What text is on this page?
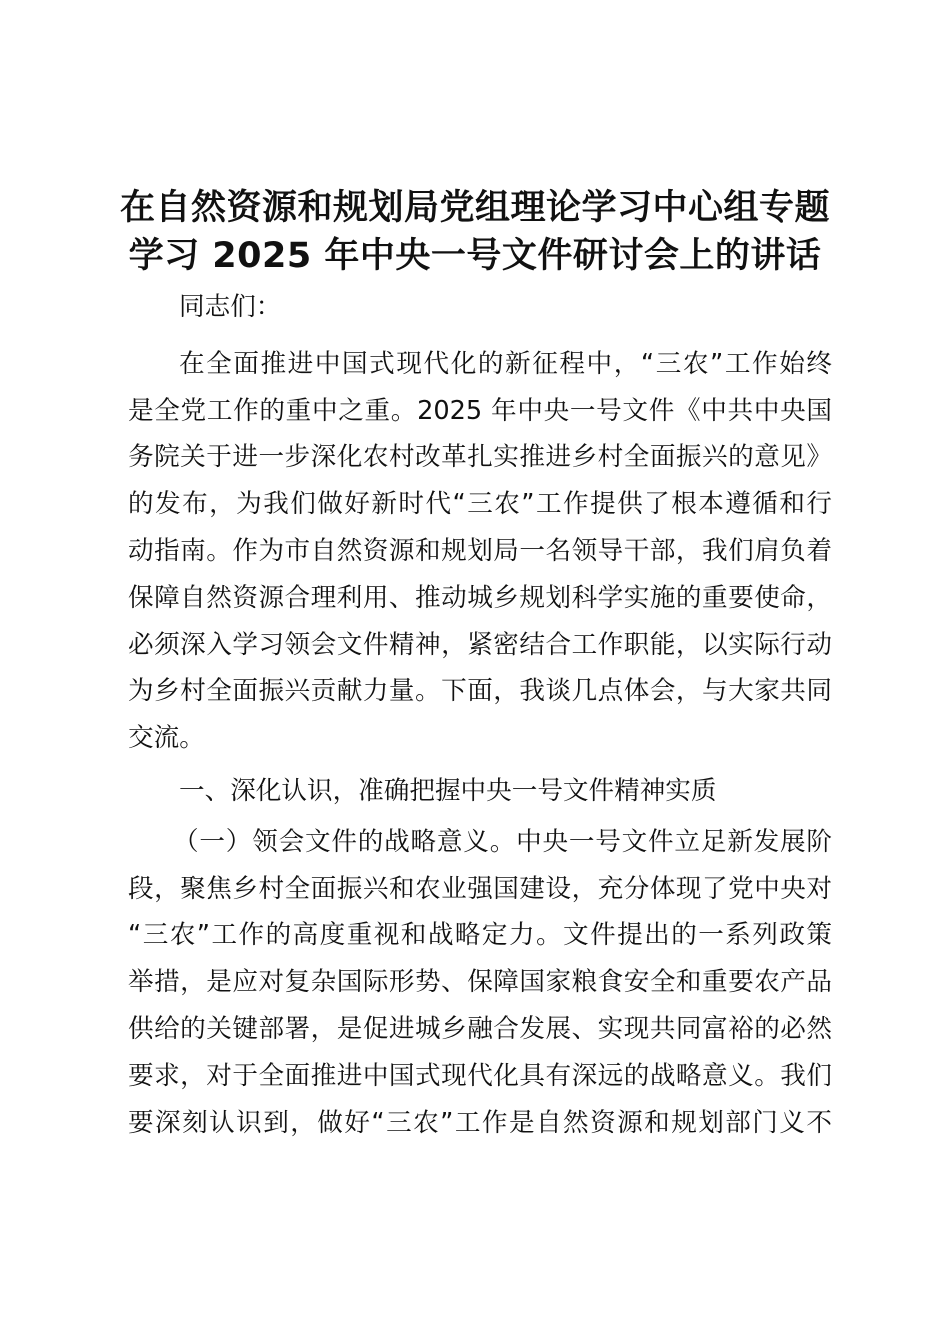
在自然资源和规划局党组理论学习中心组专题
学习 2025 年中央一号文件研讨会上的讲话

同志们：

在全面推进中国式现代化的新征程中，“三农”工作始终
是全党工作的重中之重。2025 年中央一号文件《中共中央国
务院关于进一步深化农村改革扎实推进乡村全面振兴的意见》
的发布，为我们做好新时代“三农”工作提供了根本遵循和行
动指南。作为市自然资源和规划局一名领导干部，我们肩负着
保障自然资源合理利用、推动城乡规划科学实施的重要使命，
必须深入学习领会文件精神，紧密结合工作职能，以实际行动
为乡村全面振兴贡献力量。下面，我谈几点体会，与大家共同
交流。

一、深化认识，准确把握中央一号文件精神实质

（一）领会文件的战略意义。中央一号文件立足新发展阶
段，聚焦乡村全面振兴和农业强国建设，充分体现了党中央对
“三农”工作的高度重视和战略定力。文件提出的一系列政策
举措，是应对复杂国际形势、保障国家粮食安全和重要农产品
供给的关键部署，是促进城乡融合发展、实现共同富裕的必然
要求，对于全面推进中国式现代化具有深远的战略意义。我们
要深刻认识到，做好“三农”工作是自然资源和规划部门义不
